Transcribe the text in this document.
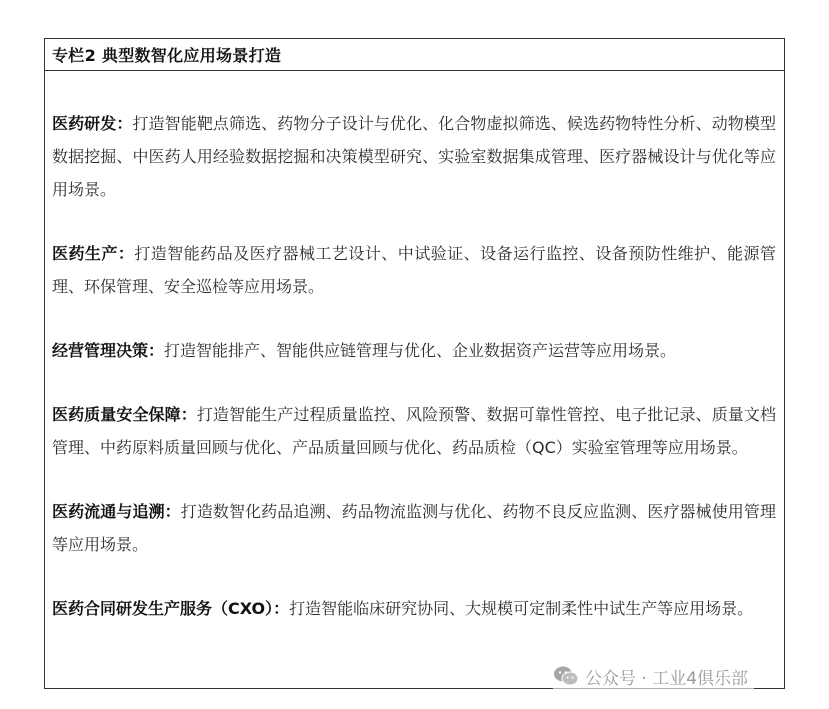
专栏2 典型数智化应用场景打造

医药研发：打造智能靶点筛选、药物分子设计与优化、化合物虚拟筛选、候选药物特性分析、动物模型数据挖掘、中医药人用经验数据挖掘和决策模型研究、实验室数据集成管理、医疗器械设计与优化等应用场景。

医药生产：打造智能药品及医疗器械工艺设计、中试验证、设备运行监控、设备预防性维护、能源管理、环保管理、安全巡检等应用场景。

经营管理决策：打造智能排产、智能供应链管理与优化、企业数据资产运营等应用场景。

医药质量安全保障：打造智能生产过程质量监控、风险预警、数据可靠性管控、电子批记录、质量文档管理、中药原料质量回顾与优化、产品质量回顾与优化、药品质检（QC）实验室管理等应用场景。

医药流通与追溯：打造数智化药品追溯、药品物流监测与优化、药物不良反应监测、医疗器械使用管理等应用场景。

医药合同研发生产服务（CXO）：打造智能临床研究协同、大规模可定制柔性中试生产等应用场景。

公众号 · 工业4俱乐部
